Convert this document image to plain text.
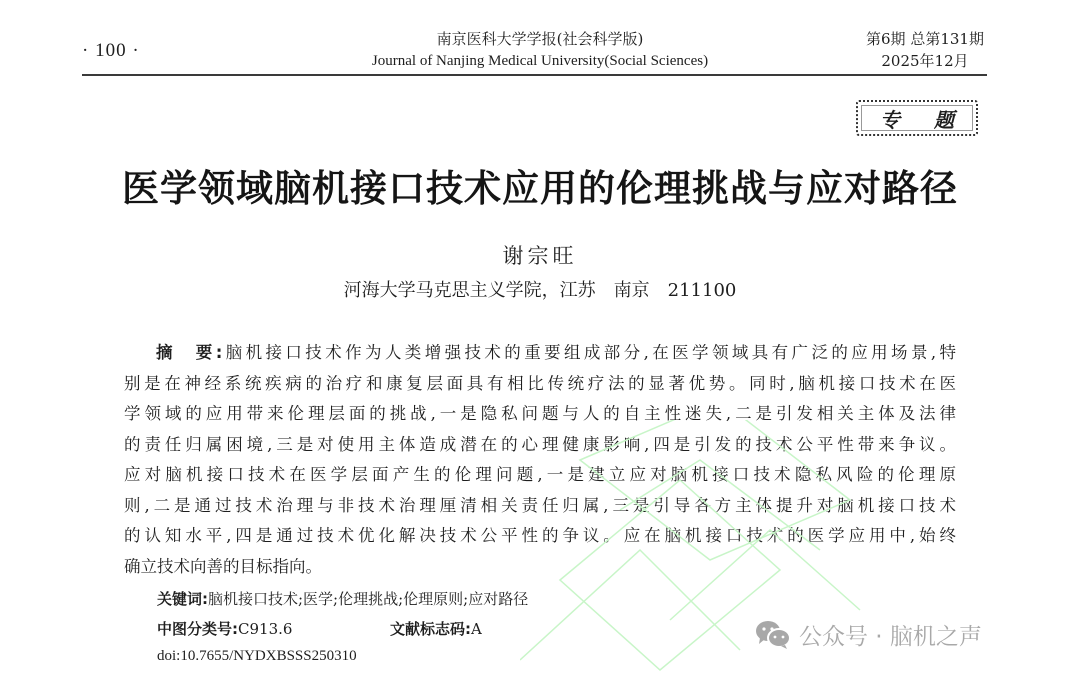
· 100 ·
南京医科大学学报(社会科学版)
Journal of Nanjing Medical University(Social Sciences)
第6期 总第131期
2025年12月
专 题
医学领域脑机接口技术应用的伦理挑战与应对路径
谢宗旺
河海大学马克思主义学院，江苏　南京　211100
摘　要:脑机接口技术作为人类增强技术的重要组成部分,在医学领域具有广泛的应用场景,特
别是在神经系统疾病的治疗和康复层面具有相比传统疗法的显著优势。同时,脑机接口技术在医
学领域的应用带来伦理层面的挑战,一是隐私问题与人的自主性迷失,二是引发相关主体及法律
的责任归属困境,三是对使用主体造成潜在的心理健康影响,四是引发的技术公平性带来争议。
应对脑机接口技术在医学层面产生的伦理问题,一是建立应对脑机接口技术隐私风险的伦理原
则,二是通过技术治理与非技术治理厘清相关责任归属,三是引导各方主体提升对脑机接口技术
的认知水平,四是通过技术优化解决技术公平性的争议。应在脑机接口技术的医学应用中,始终
确立技术向善的目标指向。
关键词:脑机接口技术;医学;伦理挑战;伦理原则;应对路径
中图分类号:C913.6	文献标志码:A
doi:10.7655/NYDXBSSS250310
公众号 · 脑机之声
